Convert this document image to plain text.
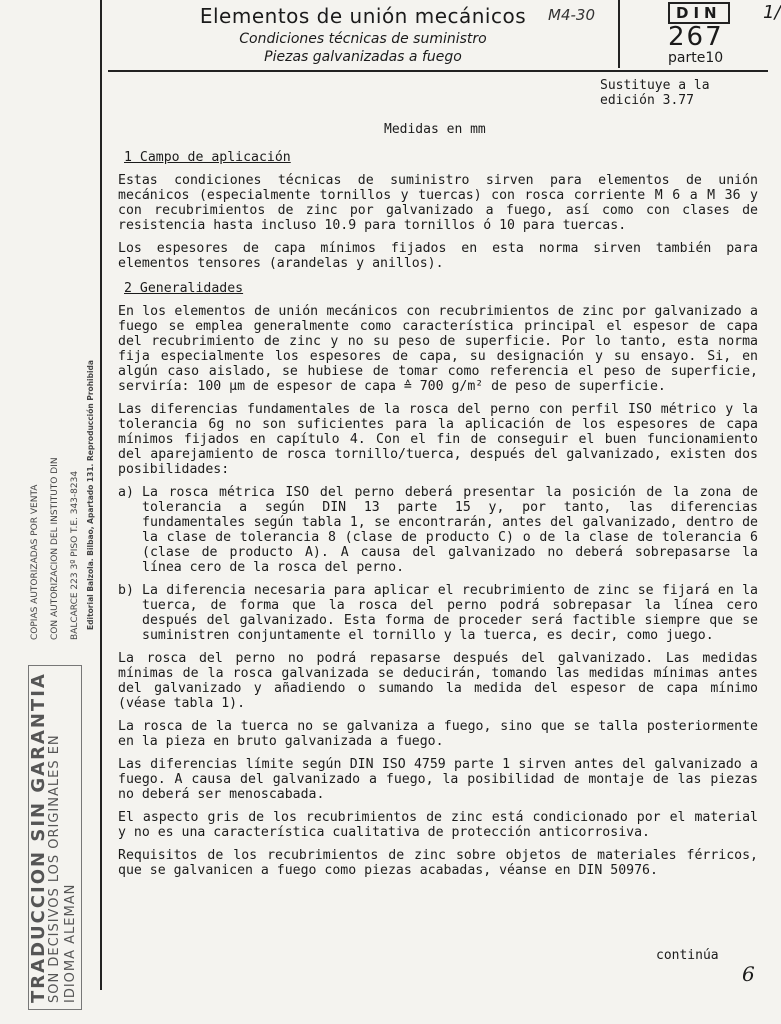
Editorial Balzola. Bilbao, Apartado 131. Reproducción Prohibida
COPIAS AUTORIZADAS POR VENTA CON AUTORIZACION DEL INSTITUTO DIN BALCARCE 223 3º PISO T.E. 343-8234
TRADUCCION SIN GARANTIA
SON DECISIVOS LOS ORIGINALES EN IDIOMA ALEMAN
Elementos de unión mecánicos
Condiciones técnicas de suministro
Piezas galvanizadas a fuego
M4-30	DIN 1/
267
parte10
Sustituye a la
edición 3.77
Medidas en mm
1 Campo de aplicación

Estas condiciones técnicas de suministro sirven para elementos de unión mecánicos (especialmente tornillos y tuercas) con rosca corriente M 6 a M 36 y con recubrimientos de zinc por galvanizado a fuego, así como con clases de resistencia hasta incluso 10.9 para tornillos ó 10 para tuercas.

Los espesores de capa mínimos fijados en esta norma sirven también para elementos tensores (arandelas y anillos).

2 Generalidades

En los elementos de unión mecánicos con recubrimientos de zinc por galvanizado a fuego se emplea generalmente como característica principal el espesor de capa del recubrimiento de zinc y no su peso de superficie. Por lo tanto, esta norma fija especialmente los espesores de capa, su designación y su ensayo. Si, en algún caso aislado, se hubiese de tomar como referencia el peso de superficie, serviría: 100 µm de espesor de capa ≙ 700 g/m² de peso de superficie.

Las diferencias fundamentales de la rosca del perno con perfil ISO métrico y la tolerancia 6g no son suficientes para la aplicación de los espesores de capa mínimos fijados en capítulo 4. Con el fin de conseguir el buen funcionamiento del aparejamiento de rosca tornillo/tuerca, después del galvanizado, existen dos posibilidades:

a) La rosca métrica ISO del perno deberá presentar la posición de la zona de tolerancia a según DIN 13 parte 15 y, por tanto, las diferencias fundamentales según tabla 1, se encontrarán, antes del galvanizado, dentro de la clase de tolerancia 8 (clase de producto C) o de la clase de tolerancia 6 (clase de producto A). A causa del galvanizado no deberá sobrepasarse la línea cero de la rosca del perno.
b) La diferencia necesaria para aplicar el recubrimiento de zinc se fijará en la tuerca, de forma que la rosca del perno podrá sobrepasar la línea cero después del galvanizado. Esta forma de proceder será factible siempre que se suministren conjuntamente el tornillo y la tuerca, es decir, como juego.

La rosca del perno no podrá repasarse después del galvanizado. Las medidas mínimas de la rosca galvanizada se deducirán, tomando las medidas mínimas antes del galvanizado y añadiendo o sumando la medida del espesor de capa mínimo (véase tabla 1).

La rosca de la tuerca no se galvaniza a fuego, sino que se talla posteriormente en la pieza en bruto galvanizada a fuego.

Las diferencias límite según DIN ISO 4759 parte 1 sirven antes del galvanizado a fuego. A causa del galvanizado a fuego, la posibilidad de montaje de las piezas no deberá ser menoscabada.

El aspecto gris de los recubrimientos de zinc está condicionado por el material y no es una característica cualitativa de protección anticorrosiva.

Requisitos de los recubrimientos de zinc sobre objetos de materiales férricos, que se galvanicen a fuego como piezas acabadas, véanse en DIN 50976.

continúa
6
